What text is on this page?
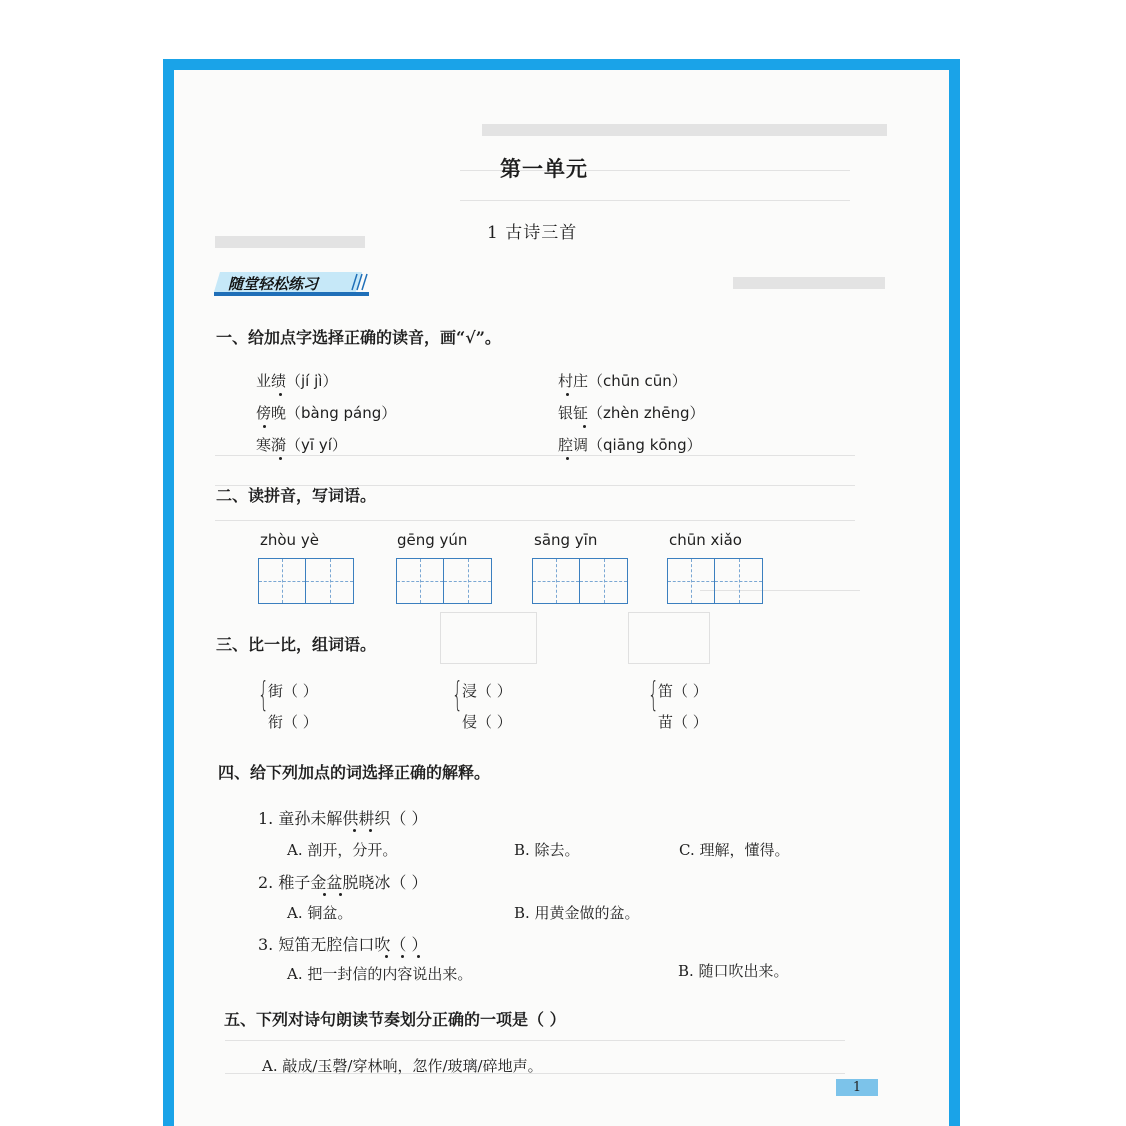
第一单元
1 古诗三首
随堂轻松练习
一、给加点字选择正确的读音，画“√”。
业绩（jí jì）	村庄（chūn cūn）
傍晚（bàng páng）	银钲（zhèn zhēng）
寒漪（yī yí）	腔调（qiāng kōng）
二、读拼音，写词语。
zhòu yè	gēng yún	sāng yīn	chūn xiǎo
三、比一比，组词语。
{ 街（ ）
衔（ ）
{ 浸（ ）
侵（ ）
{ 笛（ ）
苗（ ）
四、给下列加点的词选择正确的解释。
1. 童孙未解供耕织（ ）
A. 剖开，分开。	B. 除去。	C. 理解，懂得。
2. 稚子金盆脱晓冰（ ）
A. 铜盆。	B. 用黄金做的盆。
3. 短笛无腔信口吹（ ）
A. 把一封信的内容说出来。	B. 随口吹出来。
五、下列对诗句朗读节奏划分正确的一项是（ ）
A. 敲成/玉磬/穿林响，忽作/玻璃/碎地声。
1
